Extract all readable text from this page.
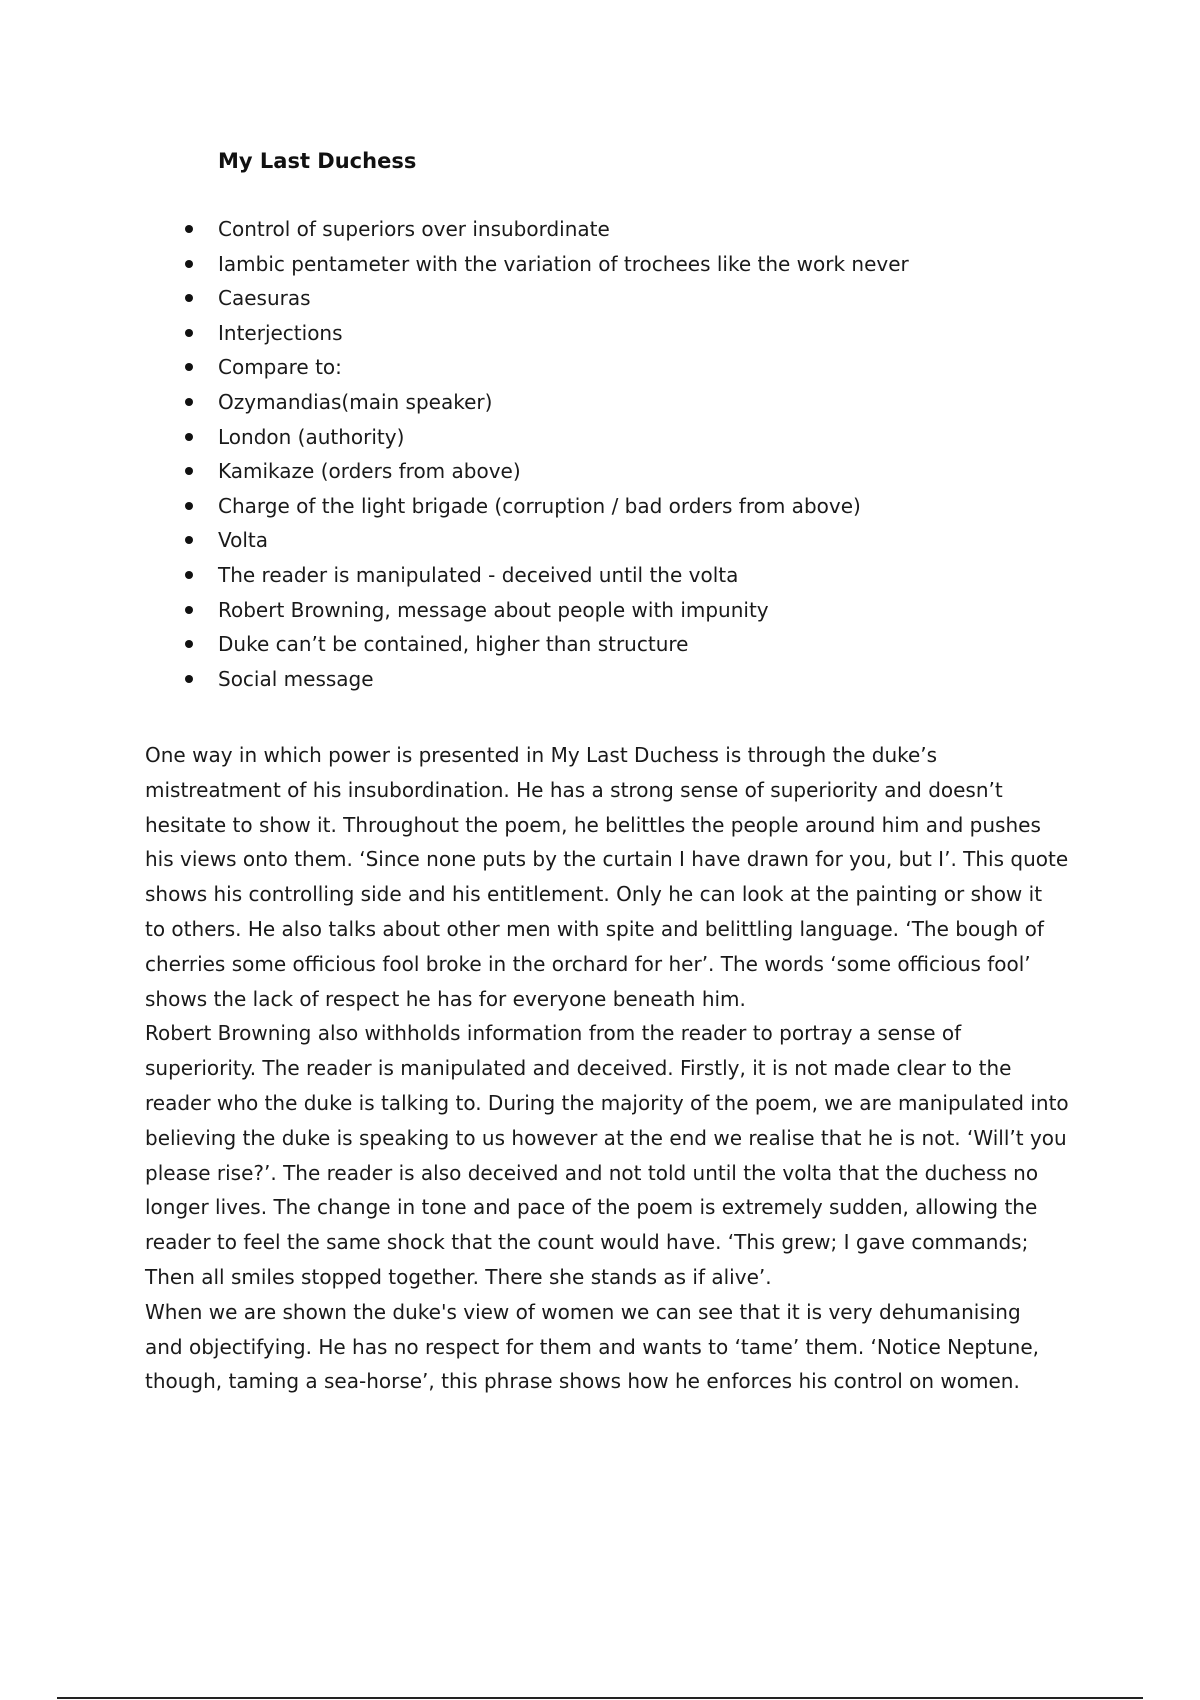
My Last Duchess
Control of superiors over insubordinate
Iambic pentameter with the variation of trochees like the work never
Caesuras
Interjections
Compare to:
Ozymandias(main speaker)
London (authority)
Kamikaze (orders from above)
Charge of the light brigade (corruption / bad orders from above)
Volta
The reader is manipulated - deceived until the volta
Robert Browning, message about people with impunity
Duke can’t be contained, higher than structure
Social message

One way in which power is presented in My Last Duchess is through the duke’s

mistreatment of his insubordination. He has a strong sense of superiority and doesn’t

hesitate to show it. Throughout the poem, he belittles the people around him and pushes

his views onto them. ‘Since none puts by the curtain I have drawn for you, but I’. This quote

shows his controlling side and his entitlement. Only he can look at the painting or show it

to others. He also talks about other men with spite and belittling language. ‘The bough of

cherries some officious fool broke in the orchard for her’. The words ‘some officious fool’

shows the lack of respect he has for everyone beneath him.

Robert Browning also withholds information from the reader to portray a sense of

superiority. The reader is manipulated and deceived. Firstly, it is not made clear to the

reader who the duke is talking to. During the majority of the poem, we are manipulated into

believing the duke is speaking to us however at the end we realise that he is not. ‘Will’t you

please rise?’. The reader is also deceived and not told until the volta that the duchess no

longer lives. The change in tone and pace of the poem is extremely sudden, allowing the

reader to feel the same shock that the count would have. ‘This grew; I gave commands;

Then all smiles stopped together. There she stands as if alive’.

When we are shown the duke's view of women we can see that it is very dehumanising

and objectifying. He has no respect for them and wants to ‘tame’ them. ‘Notice Neptune,

though, taming a sea-horse’, this phrase shows how he enforces his control on women.
